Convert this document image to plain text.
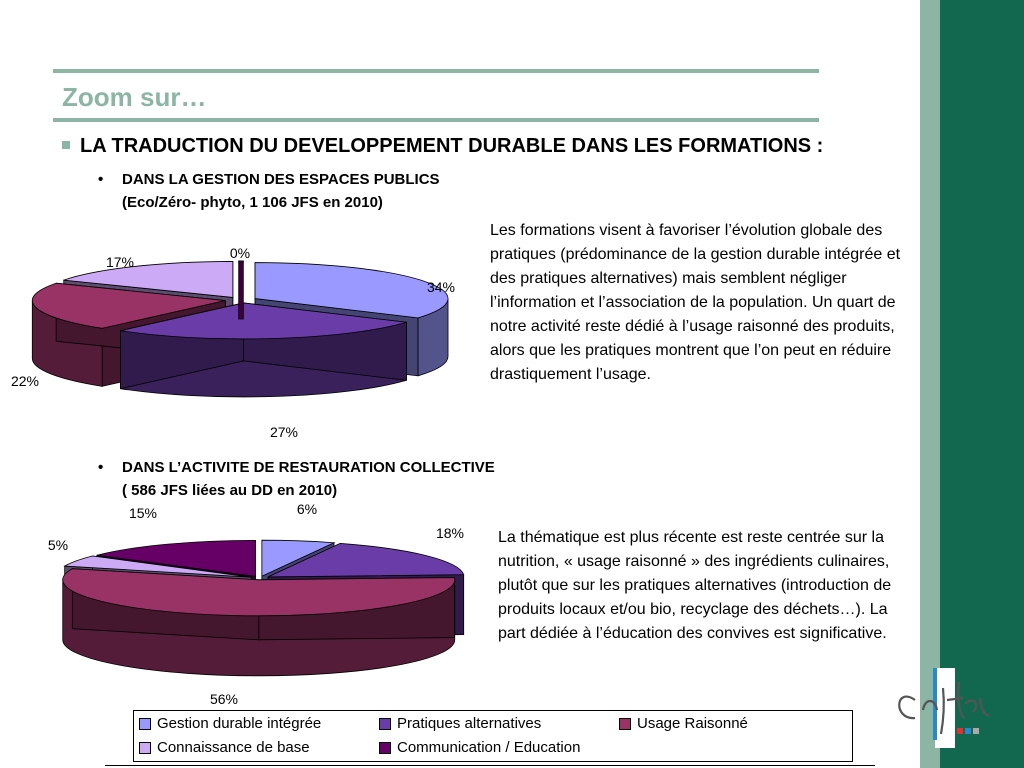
Zoom sur…
LA TRADUCTION DU DEVELOPPEMENT DURABLE DANS LES FORMATIONS :
•	DANS LA GESTION DES ESPACES PUBLICS
(Eco/Zéro- phyto, 1 106 JFS en 2010)
Les formations visent à favoriser l’évolution globale des pratiques (prédominance de la gestion durable intégrée et des pratiques alternatives) mais semblent négliger l’information et l’association de la population. Un quart de notre activité reste dédié à l’usage raisonné des produits, alors que les pratiques montrent que l’on peut en réduire drastiquement l’usage.
•	DANS L’ACTIVITE DE RESTAURATION COLLECTIVE
( 586 JFS liées au DD en 2010)
La thématique est plus récente est reste centrée sur la nutrition, « usage raisonné » des ingrédients culinaires, plutôt que sur les pratiques alternatives (introduction de produits locaux et/ou bio, recyclage des déchets…). La part dédiée à l’éducation des convives est significative.
34%
27%
22%
17%
0%
6%
18%
56%
5%
15%
Gestion durable intégrée	Pratiques alternatives	Usage Raisonné
Connaissance de base	Communication / Education
